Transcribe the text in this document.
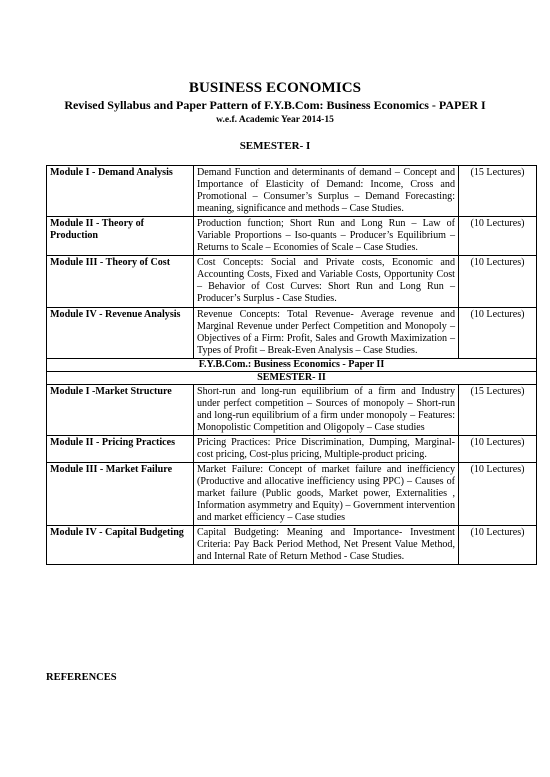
BUSINESS ECONOMICS
Revised Syllabus and Paper Pattern of F.Y.B.Com: Business Economics - PAPER I
w.e.f. Academic Year 2014-15
SEMESTER- I
Module I - Demand Analysis	Demand Function and determinants of demand – Concept and Importance of Elasticity of Demand: Income, Cross and Promotional – Consumer’s Surplus – Demand Forecasting: meaning, significance and methods – Case Studies.	(15 Lectures)
Module II - Theory of Production	Production function; Short Run and Long Run – Law of Variable Proportions – Iso-quants – Producer’s Equilibrium – Returns to Scale – Economies of Scale – Case Studies.	(10 Lectures)
Module III - Theory of Cost	Cost Concepts: Social and Private costs, Economic and Accounting Costs, Fixed and Variable Costs, Opportunity Cost – Behavior of Cost Curves: Short Run and Long Run – Producer’s Surplus - Case Studies.	(10 Lectures)
Module IV - Revenue Analysis	Revenue Concepts: Total Revenue- Average revenue and Marginal Revenue under Perfect Competition and Monopoly – Objectives of a Firm: Profit, Sales and Growth Maximization – Types of Profit – Break-Even Analysis – Case Studies.	(10 Lectures)
F.Y.B.Com.: Business Economics - Paper II		
SEMESTER- II		
Module I -Market Structure	Short-run and long-run equilibrium of a firm and Industry under perfect competition – Sources of monopoly – Short-run and long-run equilibrium of a firm under monopoly – Features: Monopolistic Competition and Oligopoly – Case studies	(15 Lectures)
Module II - Pricing Practices	Pricing Practices: Price Discrimination, Dumping, Marginal-cost pricing, Cost-plus pricing, Multiple-product pricing.	(10 Lectures)
Module III - Market Failure	Market Failure: Concept of market failure and inefficiency (Productive and allocative inefficiency using PPC) – Causes of market failure (Public goods, Market power, Externalities , Information asymmetry and Equity) – Government intervention and market efficiency – Case studies	(10 Lectures)
Module IV - Capital Budgeting	Capital Budgeting: Meaning and Importance- Investment Criteria: Pay Back Period Method, Net Present Value Method, and Internal Rate of Return Method - Case Studies.	(10 Lectures)
REFERENCES
